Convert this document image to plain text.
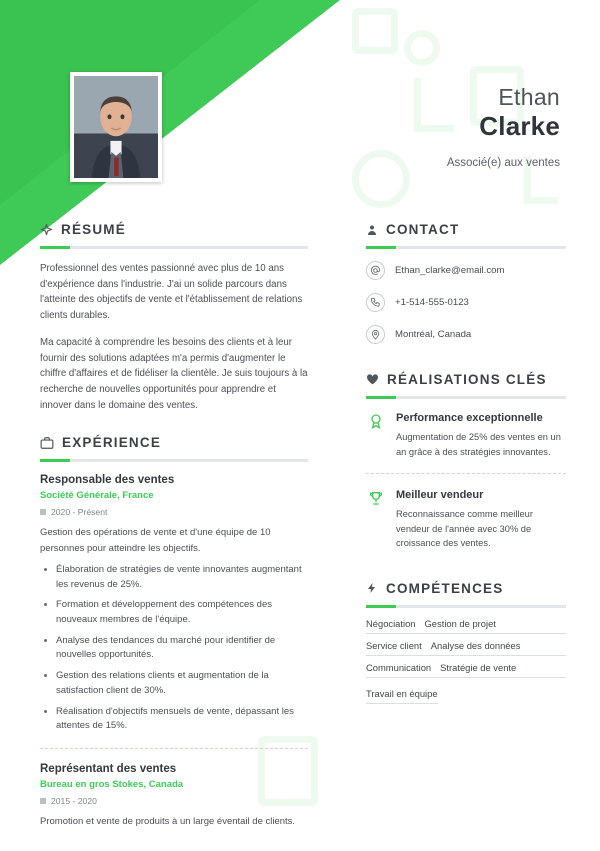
Ethan
Clarke
Associé(e) aux ventes
RÉSUMÉ

Professionnel des ventes passionné avec plus de 10 ans d'expérience dans l'industrie. J'ai un solide parcours dans l'atteinte des objectifs de vente et l'établissement de relations clients durables.

Ma capacité à comprendre les besoins des clients et à leur fournir des solutions adaptées m'a permis d'augmenter le chiffre d'affaires et de fidéliser la clientèle. Je suis toujours à la recherche de nouvelles opportunités pour apprendre et innover dans le domaine des ventes.

EXPÉRIENCE
Responsable des ventes
Société Générale, France
2020 - Présent

Gestion des opérations de vente et d'une équipe de 10 personnes pour atteindre les objectifs.

• Élaboration de stratégies de vente innovantes augmentant les revenus de 25%.
• Formation et développement des compétences des nouveaux membres de l'équipe.
• Analyse des tendances du marché pour identifier de nouvelles opportunités.
• Gestion des relations clients et augmentation de la satisfaction client de 30%.
• Réalisation d'objectifs mensuels de vente, dépassant les attentes de 15%.
Représentant des ventes
Bureau en gros Stokes, Canada
2015 - 2020

Promotion et vente de produits à un large éventail de clients.

CONTACT
Ethan_clarke@email.com
+1-514-555-0123
Montréal, Canada
RÉALISATIONS CLÉS
Performance exceptionnelle
Augmentation de 25% des ventes en un an grâce à des stratégies innovantes.
Meilleur vendeur
Reconnaissance comme meilleur vendeur de l'année avec 30% de croissance des ventes.
COMPÉTENCES
Négociation Gestion de projet
Service client Analyse des données
Communication Stratégie de vente
Travail en équipe
